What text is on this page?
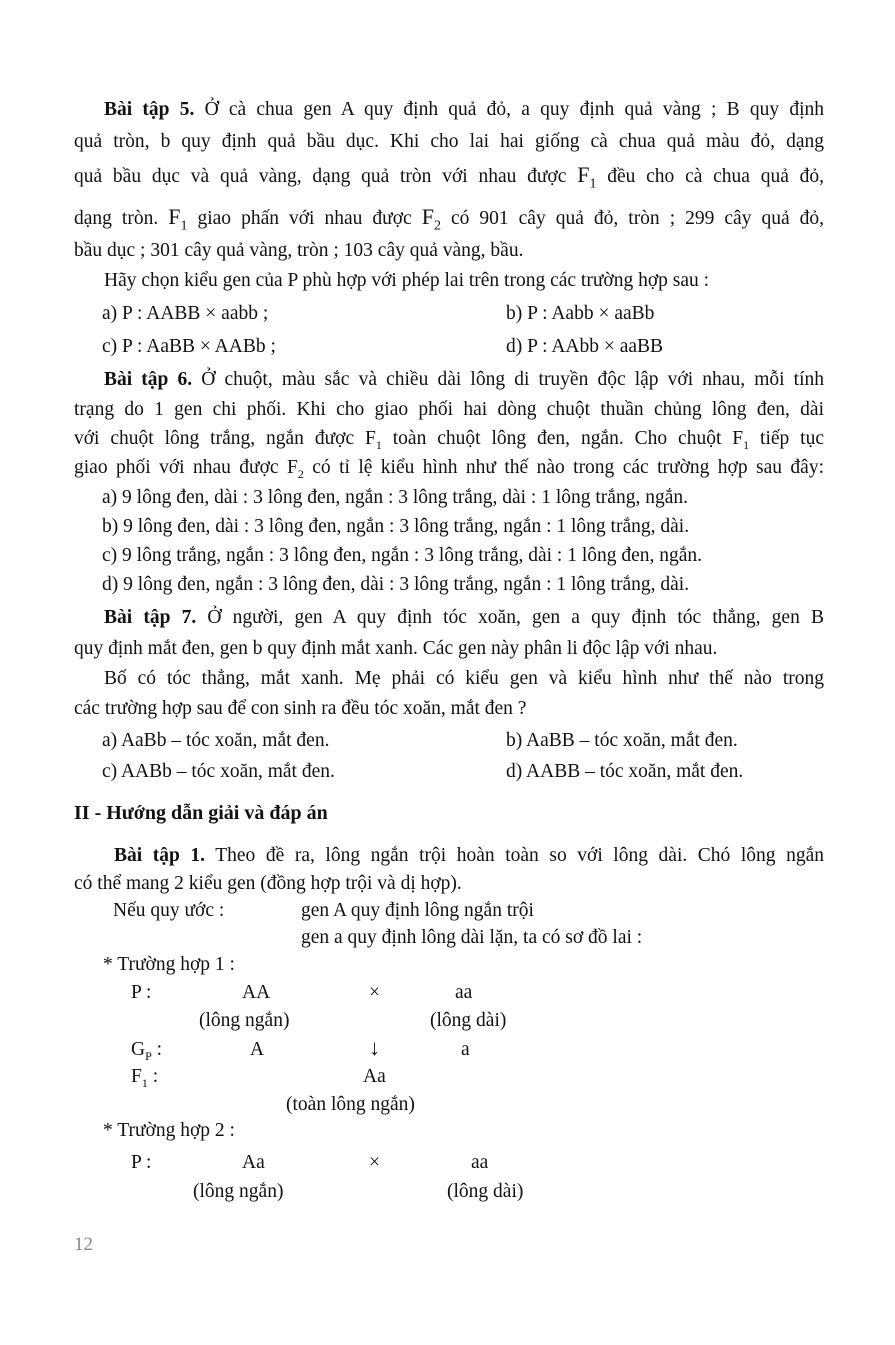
Bài tập 5. Ở cà chua gen A quy định quả đỏ, a quy định quả vàng ; B quy định

quả tròn, b quy định quả bầu dục. Khi cho lai hai giống cà chua quả màu đỏ, dạng

quả bầu dục và quả vàng, dạng quả tròn với nhau được $F_1$ đều cho cà chua quả đỏ,

dạng tròn. $F_1$ giao phấn với nhau được $F_2$ có 901 cây quả đỏ, tròn ; 299 cây quả đỏ,

bầu dục ; 301 cây quả vàng, tròn ; 103 cây quả vàng, bầu.

Hãy chọn kiểu gen của P phù hợp với phép lai trên trong các trường hợp sau :

a) P : AABB × aabb ;	b) P : Aabb × aaBb
c) P : AaBB × AABb ;	d) P : AAbb × aaBB

Bài tập 6. Ở chuột, màu sắc và chiều dài lông di truyền độc lập với nhau, mỗi tính

trạng do 1 gen chi phối. Khi cho giao phối hai dòng chuột thuần chủng lông đen, dài

với chuột lông trắng, ngắn được $F_1$ toàn chuột lông đen, ngắn. Cho chuột $F_1$ tiếp tục

giao phối với nhau được $F_2$ có tỉ lệ kiểu hình như thế nào trong các trường hợp sau đây:

a) 9 lông đen, dài : 3 lông đen, ngắn : 3 lông trắng, dài : 1 lông trắng, ngắn.
b) 9 lông đen, dài : 3 lông đen, ngắn : 3 lông trắng, ngắn : 1 lông trắng, dài.
c) 9 lông trắng, ngắn : 3 lông đen, ngắn : 3 lông trắng, dài : 1 lông đen, ngắn.
d) 9 lông đen, ngắn : 3 lông đen, dài : 3 lông trắng, ngắn : 1 lông trắng, dài.

Bài tập 7. Ở người, gen A quy định tóc xoăn, gen a quy định tóc thẳng, gen B

quy định mắt đen, gen b quy định mắt xanh. Các gen này phân li độc lập với nhau.

Bố có tóc thẳng, mắt xanh. Mẹ phải có kiểu gen và kiểu hình như thế nào trong

các trường hợp sau để con sinh ra đều tóc xoăn, mắt đen ?

a) AaBb – tóc xoăn, mắt đen.	b) AaBB – tóc xoăn, mắt đen.
c) AABb – tóc xoăn, mắt đen.	d) AABB – tóc xoăn, mắt đen.
II - Hướng dẫn giải và đáp án

Bài tập 1. Theo đề ra, lông ngắn trội hoàn toàn so với lông dài. Chó lông ngắn

có thể mang 2 kiểu gen (đồng hợp trội và dị hợp).

Nếu quy ước :	gen A quy định lông ngắn trội
gen a quy định lông dài lặn, ta có sơ đồ lai :
* Trường hợp 1 :
P :	AA	×	aa
(lông ngắn)	(lông dài)
$G_P$ :	A	↓	a
$F_1$ :	Aa
(toàn lông ngắn)
* Trường hợp 2 :
P :	Aa	×	aa
(lông ngắn)	(lông dài)
12
